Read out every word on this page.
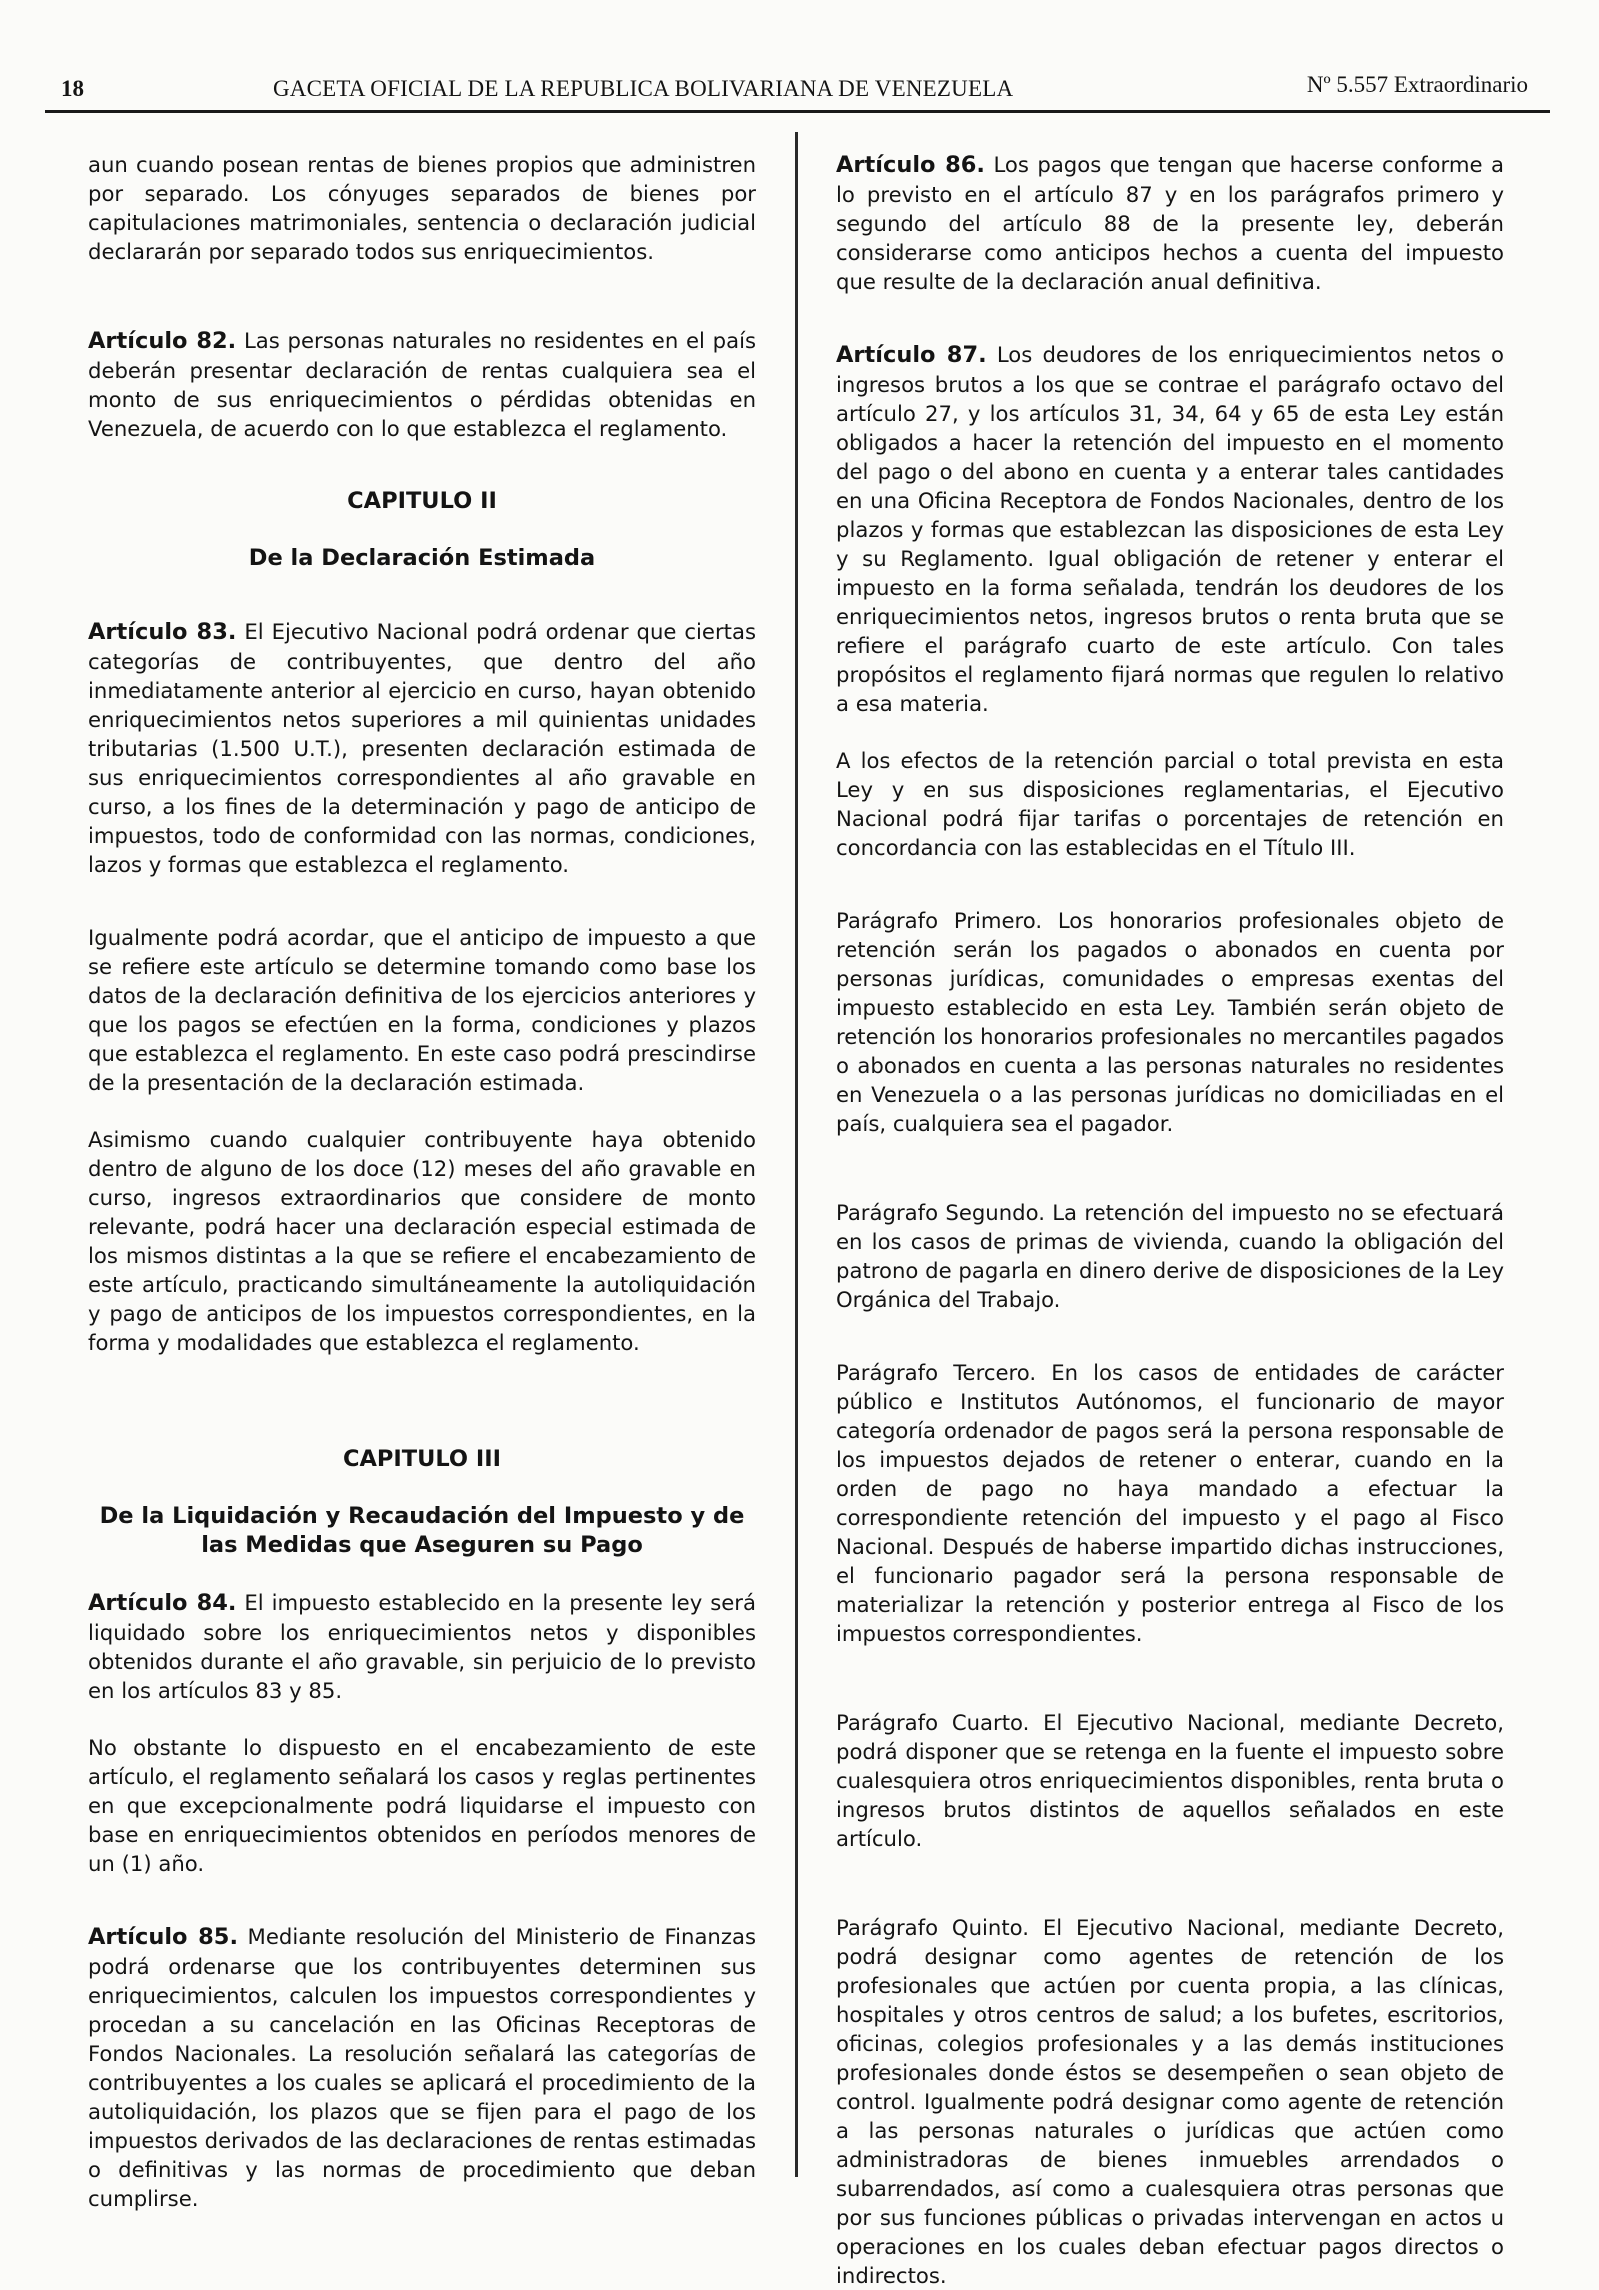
18	GACETA OFICIAL DE LA REPUBLICA BOLIVARIANA DE VENEZUELA	Nº 5.557 Extraordinario

aun cuando posean rentas de bienes propios que administren por separado. Los cónyuges separados de bienes por capitulaciones matrimoniales, sentencia o declaración judicial declararán por separado todos sus enriquecimientos.

Artículo 82. Las personas naturales no residentes en el país deberán presentar declaración de rentas cualquiera sea el monto de sus enriquecimientos o pérdidas obtenidas en Venezuela, de acuerdo con lo que establezca el reglamento.

CAPITULO II

De la Declaración Estimada

Artículo 83. El Ejecutivo Nacional podrá ordenar que ciertas categorías de contribuyentes, que dentro del año inmediatamente anterior al ejercicio en curso, hayan obtenido enriquecimientos netos superiores a mil quinientas unidades tributarias (1.500 U.T.), presenten declaración estimada de sus enriquecimientos correspondientes al año gravable en curso, a los fines de la determinación y pago de anticipo de impuestos, todo de conformidad con las normas, condiciones, lazos y formas que establezca el reglamento.

Igualmente podrá acordar, que el anticipo de impuesto a que se refiere este artículo se determine tomando como base los datos de la declaración definitiva de los ejercicios anteriores y que los pagos se efectúen en la forma, condiciones y plazos que establezca el reglamento. En este caso podrá prescindirse de la presentación de la declaración estimada.

Asimismo cuando cualquier contribuyente haya obtenido dentro de alguno de los doce (12) meses del año gravable en curso, ingresos extraordinarios que considere de monto relevante, podrá hacer una declaración especial estimada de los mismos distintas a la que se refiere el encabezamiento de este artículo, practicando simultáneamente la autoliquidación y pago de anticipos de los impuestos correspondientes, en la forma y modalidades que establezca el reglamento.

CAPITULO III

De la Liquidación y Recaudación del Impuesto y de las Medidas que Aseguren su Pago

Artículo 84. El impuesto establecido en la presente ley será liquidado sobre los enriquecimientos netos y disponibles obtenidos durante el año gravable, sin perjuicio de lo previsto en los artículos 83 y 85.

No obstante lo dispuesto en el encabezamiento de este artículo, el reglamento señalará los casos y reglas pertinentes en que excepcionalmente podrá liquidarse el impuesto con base en enriquecimientos obtenidos en períodos menores de un (1) año.

Artículo 85. Mediante resolución del Ministerio de Finanzas podrá ordenarse que los contribuyentes determinen sus enriquecimientos, calculen los impuestos correspondientes y procedan a su cancelación en las Oficinas Receptoras de Fondos Nacionales. La resolución señalará las categorías de contribuyentes a los cuales se aplicará el procedimiento de la autoliquidación, los plazos que se fijen para el pago de los impuestos derivados de las declaraciones de rentas estimadas o definitivas y las normas de procedimiento que deban cumplirse.

Artículo 86. Los pagos que tengan que hacerse conforme a lo previsto en el artículo 87 y en los parágrafos primero y segundo del artículo 88 de la presente ley, deberán considerarse como anticipos hechos a cuenta del impuesto que resulte de la declaración anual definitiva.

Artículo 87. Los deudores de los enriquecimientos netos o ingresos brutos a los que se contrae el parágrafo octavo del artículo 27, y los artículos 31, 34, 64 y 65 de esta Ley están obligados a hacer la retención del impuesto en el momento del pago o del abono en cuenta y a enterar tales cantidades en una Oficina Receptora de Fondos Nacionales, dentro de los plazos y formas que establezcan las disposiciones de esta Ley y su Reglamento. Igual obligación de retener y enterar el impuesto en la forma señalada, tendrán los deudores de los enriquecimientos netos, ingresos brutos o renta bruta que se refiere el parágrafo cuarto de este artículo. Con tales propósitos el reglamento fijará normas que regulen lo relativo a esa materia.

A los efectos de la retención parcial o total prevista en esta Ley y en sus disposiciones reglamentarias, el Ejecutivo Nacional podrá fijar tarifas o porcentajes de retención en concordancia con las establecidas en el Título III.

Parágrafo Primero. Los honorarios profesionales objeto de retención serán los pagados o abonados en cuenta por personas jurídicas, comunidades o empresas exentas del impuesto establecido en esta Ley. También serán objeto de retención los honorarios profesionales no mercantiles pagados o abonados en cuenta a las personas naturales no residentes en Venezuela o a las personas jurídicas no domiciliadas en el país, cualquiera sea el pagador.

Parágrafo Segundo. La retención del impuesto no se efectuará en los casos de primas de vivienda, cuando la obligación del patrono de pagarla en dinero derive de disposiciones de la Ley Orgánica del Trabajo.

Parágrafo Tercero. En los casos de entidades de carácter público e Institutos Autónomos, el funcionario de mayor categoría ordenador de pagos será la persona responsable de los impuestos dejados de retener o enterar, cuando en la orden de pago no haya mandado a efectuar la correspondiente retención del impuesto y el pago al Fisco Nacional. Después de haberse impartido dichas instrucciones, el funcionario pagador será la persona responsable de materializar la retención y posterior entrega al Fisco de los impuestos correspondientes.

Parágrafo Cuarto. El Ejecutivo Nacional, mediante Decreto, podrá disponer que se retenga en la fuente el impuesto sobre cualesquiera otros enriquecimientos disponibles, renta bruta o ingresos brutos distintos de aquellos señalados en este artículo.

Parágrafo Quinto. El Ejecutivo Nacional, mediante Decreto, podrá designar como agentes de retención de los profesionales que actúen por cuenta propia, a las clínicas, hospitales y otros centros de salud; a los bufetes, escritorios, oficinas, colegios profesionales y a las demás instituciones profesionales donde éstos se desempeñen o sean objeto de control. Igualmente podrá designar como agente de retención a las personas naturales o jurídicas que actúen como administradoras de bienes inmuebles arrendados o subarrendados, así como a cualesquiera otras personas que por sus funciones públicas o privadas intervengan en actos u operaciones en los cuales deban efectuar pagos directos o indirectos.
